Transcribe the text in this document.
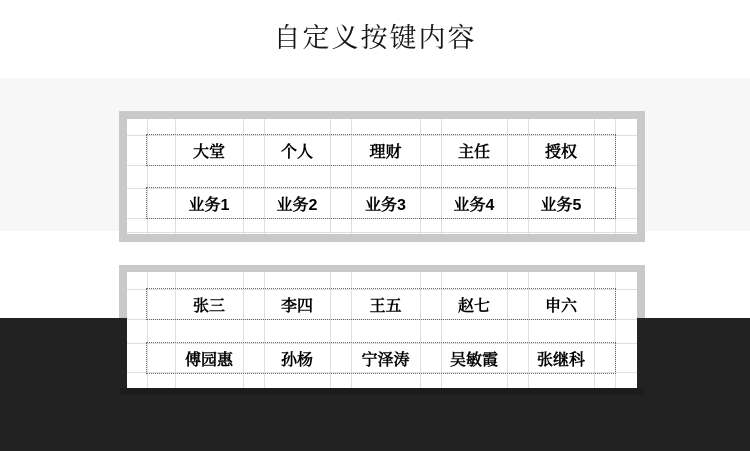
自定义按键内容
大堂	个人	理财	主任	授权
业务1	业务2	业务3	业务4	业务5
张三	李四	王五	赵七	申六
傅园惠	孙杨	宁泽涛	吴敏霞	张继科
